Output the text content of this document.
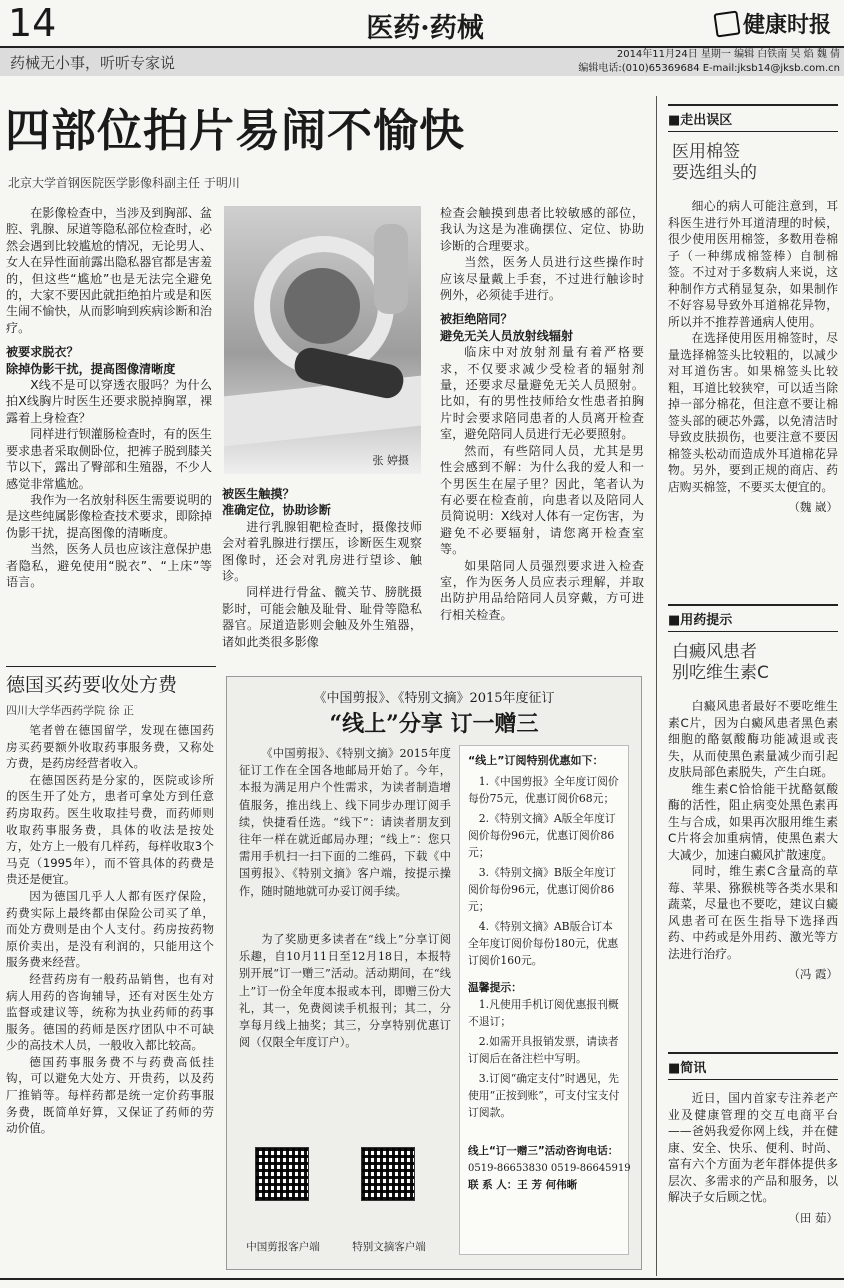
14	医药·药械	健康时报
药械无小事，听听专家说	2014年11月24日 星期一 编辑 白铁南 吴 焰 魏 倩
编辑电话:(010)65369684 E-mail:jksb14@jksb.com.cn
四部位拍片易闹不愉快
北京大学首钢医院医学影像科副主任 于明川

在影像检查中，当涉及到胸部、盆腔、乳腺、尿道等隐私部位检查时，必然会遇到比较尴尬的情况，无论男人、女人在异性面前露出隐私器官都是害羞的，但这些“尴尬”也是无法完全避免的，大家不要因此就拒绝拍片或是和医生闹不愉快，从而影响到疾病诊断和治疗。

被要求脱衣？

除掉伪影干扰，提高图像清晰度

X线不是可以穿透衣服吗？为什么拍X线胸片时医生还要求脱掉胸罩，裸露着上身检查？

同样进行钡灌肠检查时，有的医生要求患者采取侧卧位，把裤子脱到膝关节以下，露出了臀部和生殖器，不少人感觉非常尴尬。

我作为一名放射科医生需要说明的是这些纯属影像检查技术要求，即除掉伪影干扰，提高图像的清晰度。

当然，医务人员也应该注意保护患者隐私，避免使用“脱衣”、“上床”等语言。

张 婷摄

被医生触摸？

准确定位，协助诊断

进行乳腺钼靶检查时，摄像技师会对着乳腺进行摆压，诊断医生观察图像时，还会对乳房进行望诊、触诊。

同样进行骨盆、髋关节、膀胱摄影时，可能会触及耻骨、耻骨等隐私器官。尿道造影则会触及外生殖器，诸如此类很多影像

检查会触摸到患者比较敏感的部位，我认为这是为准确摆位、定位、协助诊断的合理要求。

当然，医务人员进行这些操作时应该尽量戴上手套，不过进行触诊时例外，必须徒手进行。

被拒绝陪同？

避免无关人员放射线辐射

临床中对放射剂量有着严格要求，不仅要求减少受检者的辐射剂量，还要求尽量避免无关人员照射。比如，有的男性技师给女性患者拍胸片时会要求陪同患者的人员离开检查室，避免陪同人员进行无必要照射。

然而，有些陪同人员，尤其是男性会感到不解：为什么我的爱人和一个男医生在屋子里？因此，笔者认为有必要在检查前，向患者以及陪同人员简说明：X线对人体有一定伤害，为避免不必要辐射，请您离开检查室等。

如果陪同人员强烈要求进入检查室，作为医务人员应表示理解，并取出防护用品给陪同人员穿戴，方可进行相关检查。

德国买药要收处方费
四川大学华西药学院 徐 正

笔者曾在德国留学，发现在德国药房买药要额外收取药事服务费，又称处方费，是药房经营者收入。

在德国医药是分家的，医院或诊所的医生开了处方，患者可拿处方到任意药房取药。医生收取挂号费，而药师则收取药事服务费，具体的收法是按处方，处方上一般有几样药，每样收取3个马克（1995年），而不管具体的药费是贵还是便宜。

因为德国几乎人人都有医疗保险，药费实际上最终都由保险公司买了单，而处方费则是由个人支付。药房按药物原价卖出，是没有利润的，只能用这个服务费来经营。

经营药房有一般药品销售，也有对病人用药的咨询辅导，还有对医生处方监督或建议等，统称为执业药师的药事服务。德国的药师是医疗团队中不可缺少的高技术人员，一般收入都比较高。

德国药事服务费不与药费高低挂钩，可以避免大处方、开贵药，以及药厂推销等。每样药都是统一定价药事服务费，既简单好算，又保证了药师的劳动价值。

《中国剪报》、《特别文摘》2015年度征订
“线上”分享 订一赠三
《中国剪报》、《特别文摘》2015年度征订工作在全国各地邮局开始了。今年，本报为满足用户个性需求，为读者制造增值服务，推出线上、线下同步办理订阅手续，快捷看任选。“线下”：请读者朋友到往年一样在就近邮局办理；“线上”：您只需用手机扫一扫下面的二维码，下载《中国剪报》、《特别文摘》客户端，按提示操作，随时随地就可办妥订阅手续。
为了奖励更多读者在“线上”分享订阅乐趣，自10月11日至12月18日，本报特别开展“订一赠三”活动。活动期间，在“线上”订一份全年度本报或本刊，即赠三份大礼，其一，免费阅读手机报刊；其二，分享每月线上抽奖；其三，分享特别优惠订阅（仅限全年度订户）。
中国剪报客户端	特别文摘客户端
“线上”订阅特别优惠如下：
1.《中国剪报》全年度订阅价每份75元，优惠订阅价68元；
2.《特别文摘》A版全年度订阅价每份96元，优惠订阅价86元；
3.《特别文摘》B版全年度订阅价每份96元，优惠订阅价86元；
4.《特别文摘》AB版合订本全年度订阅价每份180元，优惠订阅价160元。
温馨提示：
1.凡使用手机订阅优惠报刊概不退订；
2.如需开具报销发票，请读者订阅后在备注栏中写明。
3.订阅“确定支付”时遇见，先使用“正按到账”，可支付宝支付订阅款。
线上“订一赠三”活动咨询电话：
0519-86653830 0519-86645919
联 系 人：王 芳 何伟晰
■走出误区
医用棉签
要选组头的

细心的病人可能注意到，耳科医生进行外耳道清理的时候，很少使用医用棉签，多数用卷棉子（一种绑成棉签棒）自制棉签。不过对于多数病人来说，这种制作方式稍显复杂，如果制作不好容易导致外耳道棉花异物，所以并不推荐普通病人使用。

在选择使用医用棉签时，尽量选择棉签头比较粗的，以减少对耳道伤害。如果棉签头比较粗，耳道比较狭窄，可以适当除掉一部分棉花，但注意不要让棉签头部的硬芯外露，以免清洁时导致皮肤损伤，也要注意不要因棉签头松动而造成外耳道棉花异物。另外，要到正规的商店、药店购买棉签，不要买太便宜的。

（魏 崴）
■用药提示
白癜风患者
别吃维生素C

白癜风患者最好不要吃维生素C片，因为白癜风患者黑色素细胞的酪氨酸酶功能减退或丧失，从而使黑色素量减少而引起皮肤局部色素脱失，产生白斑。

维生素C恰恰能干扰酪氨酸酶的活性，阻止病变处黑色素再生与合成，如果再次服用维生素C片将会加重病情，使黑色素大大减少，加速白癜风扩散速度。

同时，维生素C含量高的草莓、苹果、猕猴桃等各类水果和蔬菜，尽量也不要吃，建议白癜风患者可在医生指导下选择西药、中药或是外用药、激光等方法进行治疗。

（冯 霞）
■简讯

近日，国内首家专注养老产业及健康管理的交互电商平台——爸妈我爱你网上线，并在健康、安全、快乐、便利、时尚、富有六个方面为老年群体提供多层次、多需求的产品和服务，以解决子女后顾之忧。

（田 茹）
